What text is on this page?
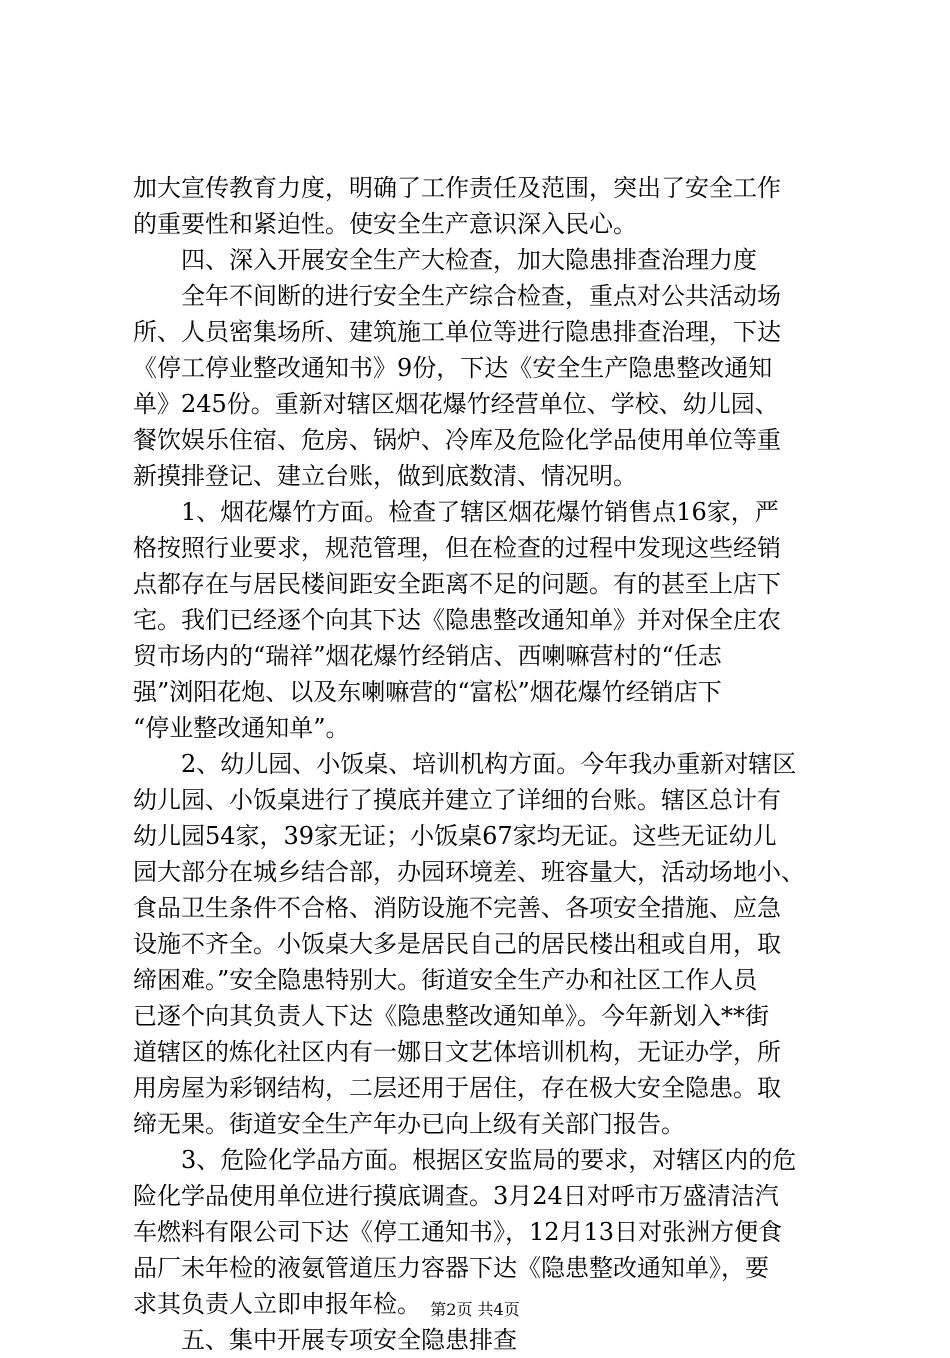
加大宣传教育力度，明确了工作责任及范围，突出了安全工作
的重要性和紧迫性。使安全生产意识深入民心。
　　四、深入开展安全生产大检查，加大隐患排查治理力度
　　全年不间断的进行安全生产综合检查，重点对公共活动场
所、人员密集场所、建筑施工单位等进行隐患排查治理，下达
《停工停业整改通知书》9份，下达《安全生产隐患整改通知
单》245份。重新对辖区烟花爆竹经营单位、学校、幼儿园、
餐饮娱乐住宿、危房、锅炉、冷库及危险化学品使用单位等重
新摸排登记、建立台账，做到底数清、情况明。
　　1、烟花爆竹方面。检查了辖区烟花爆竹销售点16家，严
格按照行业要求，规范管理，但在检查的过程中发现这些经销
点都存在与居民楼间距安全距离不足的问题。有的甚至上店下
宅。我们已经逐个向其下达《隐患整改通知单》并对保全庄农
贸市场内的“瑞祥”烟花爆竹经销店、西喇嘛营村的“任志
强”浏阳花炮、以及东喇嘛营的“富松”烟花爆竹经销店下
“停业整改通知单”。
　　2、幼儿园、小饭桌、培训机构方面。今年我办重新对辖区
幼儿园、小饭桌进行了摸底并建立了详细的台账。辖区总计有
幼儿园54家，39家无证；小饭桌67家均无证。这些无证幼儿
园大部分在城乡结合部，办园环境差、班容量大，活动场地小、
食品卫生条件不合格、消防设施不完善、各项安全措施、应急
设施不齐全。小饭桌大多是居民自己的居民楼出租或自用，取
缔困难。”安全隐患特别大。街道安全生产办和社区工作人员
已逐个向其负责人下达《隐患整改通知单》。今年新划入**街
道辖区的炼化社区内有一娜日文艺体培训机构，无证办学，所
用房屋为彩钢结构，二层还用于居住，存在极大安全隐患。取
缔无果。街道安全生产年办已向上级有关部门报告。
　　3、危险化学品方面。根据区安监局的要求，对辖区内的危
险化学品使用单位进行摸底调查。3月24日对呼市万盛清洁汽
车燃料有限公司下达《停工通知书》，12月13日对张洲方便食
品厂未年检的液氨管道压力容器下达《隐患整改通知单》，要
求其负责人立即申报年检。
　　五、集中开展专项安全隐患排查
第2页 共4页
